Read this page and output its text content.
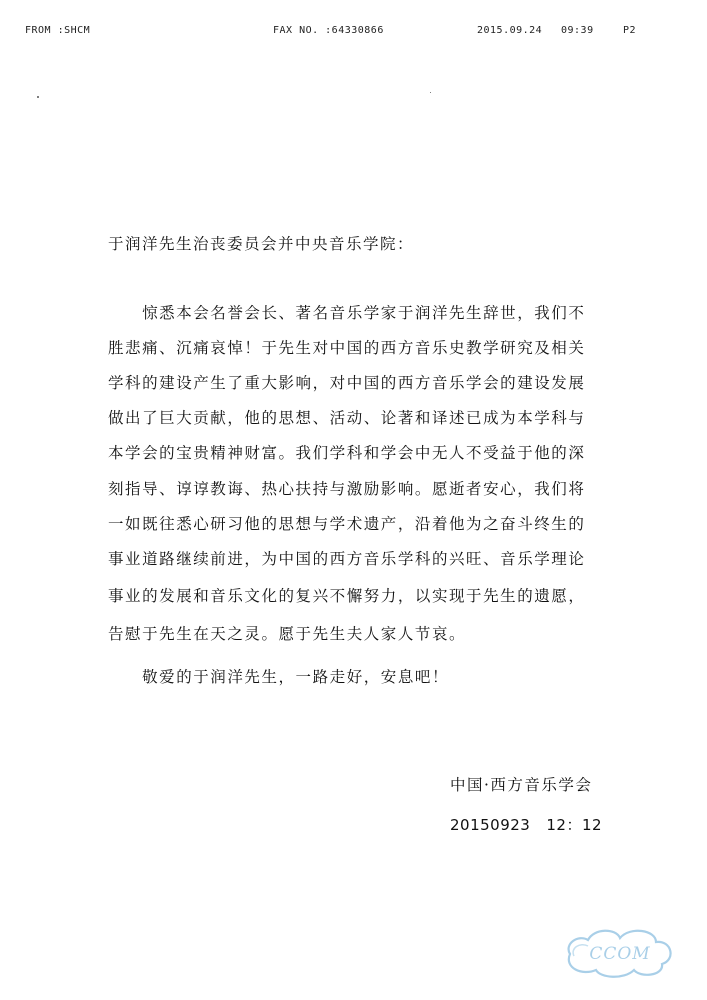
FROM :SHCM	FAX NO. :64330866	2015.09.24 09:39	P2
于润洋先生治丧委员会并中央音乐学院：
　　惊悉本会名誉会长、著名音乐学家于润洋先生辞世，我们不
胜悲痛、沉痛哀悼！于先生对中国的西方音乐史教学研究及相关
学科的建设产生了重大影响，对中国的西方音乐学会的建设发展
做出了巨大贡献，他的思想、活动、论著和译述已成为本学科与
本学会的宝贵精神财富。我们学科和学会中无人不受益于他的深
刻指导、谆谆教诲、热心扶持与激励影响。愿逝者安心，我们将
一如既往悉心研习他的思想与学术遗产，沿着他为之奋斗终生的
事业道路继续前进，为中国的西方音乐学科的兴旺、音乐学理论
事业的发展和音乐文化的复兴不懈努力，以实现于先生的遗愿，
告慰于先生在天之灵。愿于先生夫人家人节哀。
　　敬爱的于润洋先生，一路走好，安息吧！
中国·西方音乐学会
20150923 12：12
CCOM
